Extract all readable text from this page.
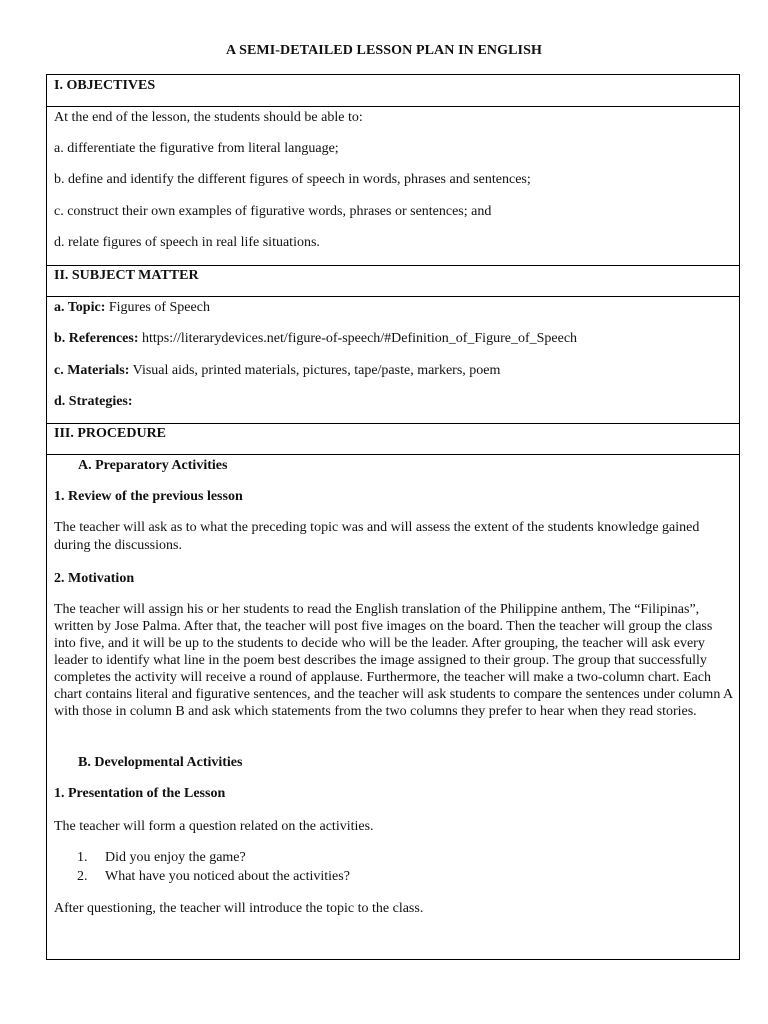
A SEMI-DETAILED LESSON PLAN IN ENGLISH
I. OBJECTIVES
At the end of the lesson, the students should be able to:
a. differentiate the figurative from literal language;
b. define and identify the different figures of speech in words, phrases and sentences;
c. construct their own examples of figurative words, phrases or sentences; and
d. relate figures of speech in real life situations.
II. SUBJECT MATTER
a. Topic: Figures of Speech
b. References: https://literarydevices.net/figure-of-speech/#Definition_of_Figure_of_Speech
c. Materials: Visual aids, printed materials, pictures, tape/paste, markers, poem
d. Strategies:
III. PROCEDURE
A. Preparatory Activities
1. Review of the previous lesson
The teacher will ask as to what the preceding topic was and will assess the extent of the students knowledge gained during the discussions.
2. Motivation
The teacher will assign his or her students to read the English translation of the Philippine anthem, The “Filipinas”, written by Jose Palma. After that, the teacher will post five images on the board. Then the teacher will group the class into five, and it will be up to the students to decide who will be the leader. After grouping, the teacher will ask every leader to identify what line in the poem best describes the image assigned to their group. The group that successfully completes the activity will receive a round of applause. Furthermore, the teacher will make a two-column chart. Each chart contains literal and figurative sentences, and the teacher will ask students to compare the sentences under column A with those in column B and ask which statements from the two columns they prefer to hear when they read stories.
B. Developmental Activities
1. Presentation of the Lesson
The teacher will form a question related on the activities.
1. Did you enjoy the game?
2. What have you noticed about the activities?
After questioning, the teacher will introduce the topic to the class.
